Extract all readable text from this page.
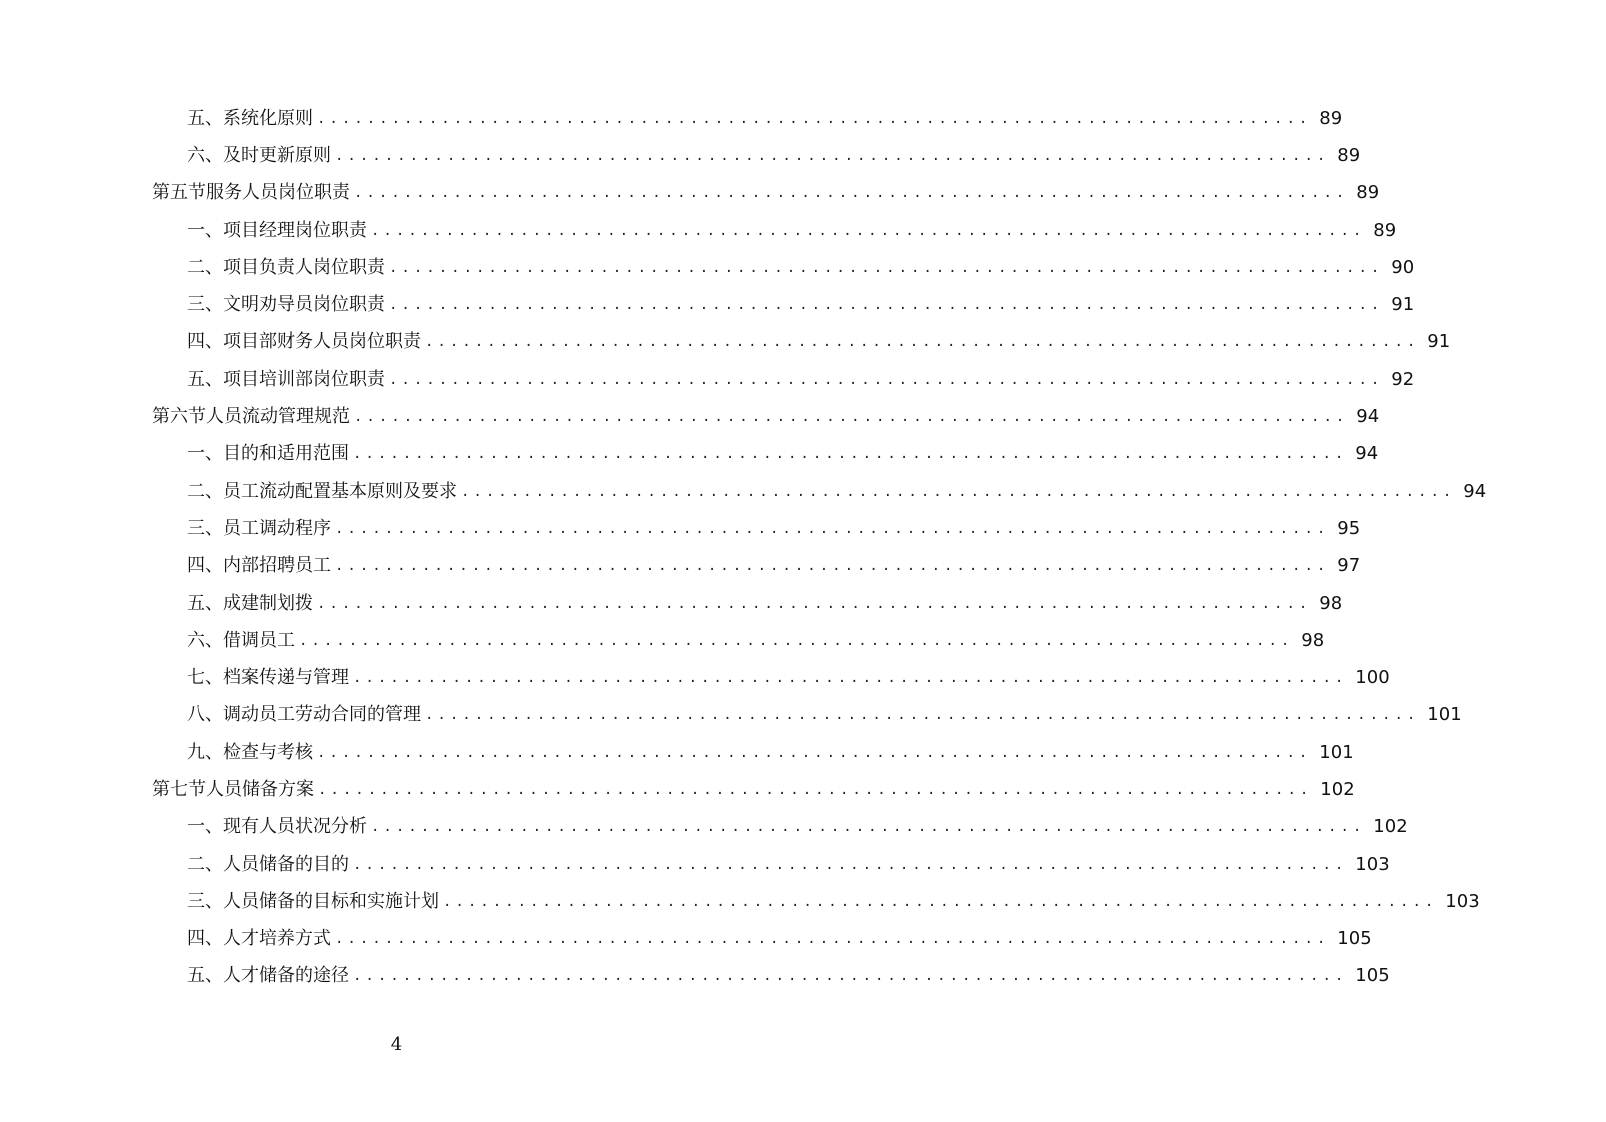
五、 系统化原则 ................................................................................ 89
六、 及时更新原则 ................................................................................ 89
第五节 服务人员岗位职责 ................................................................................ 89
一、 项目经理岗位职责 ................................................................................ 89
二、 项目负责人岗位职责 ................................................................................ 90
三、 文明劝导员岗位职责 ................................................................................ 91
四、 项目部财务人员岗位职责 ................................................................................ 91
五、 项目培训部岗位职责 ................................................................................ 92
第六节 人员流动管理规范 ................................................................................ 94
一、 目的和适用范围 ................................................................................ 94
二、 员工流动配置基本原则及要求 ................................................................................ 94
三、 员工调动程序 ................................................................................ 95
四、 内部招聘员工 ................................................................................ 97
五、 成建制划拨 ................................................................................ 98
六、 借调员工 ................................................................................ 98
七、 档案传递与管理 ................................................................................ 100
八、 调动员工劳动合同的管理 ................................................................................ 101
九、 检查与考核 ................................................................................ 101
第七节 人员储备方案 ................................................................................ 102
一、 现有人员状况分析 ................................................................................ 102
二、 人员储备的目的 ................................................................................ 103
三、 人员储备的目标和实施计划 ................................................................................ 103
四、 人才培养方式 ................................................................................ 105
五、 人才储备的途径 ................................................................................ 105
4
